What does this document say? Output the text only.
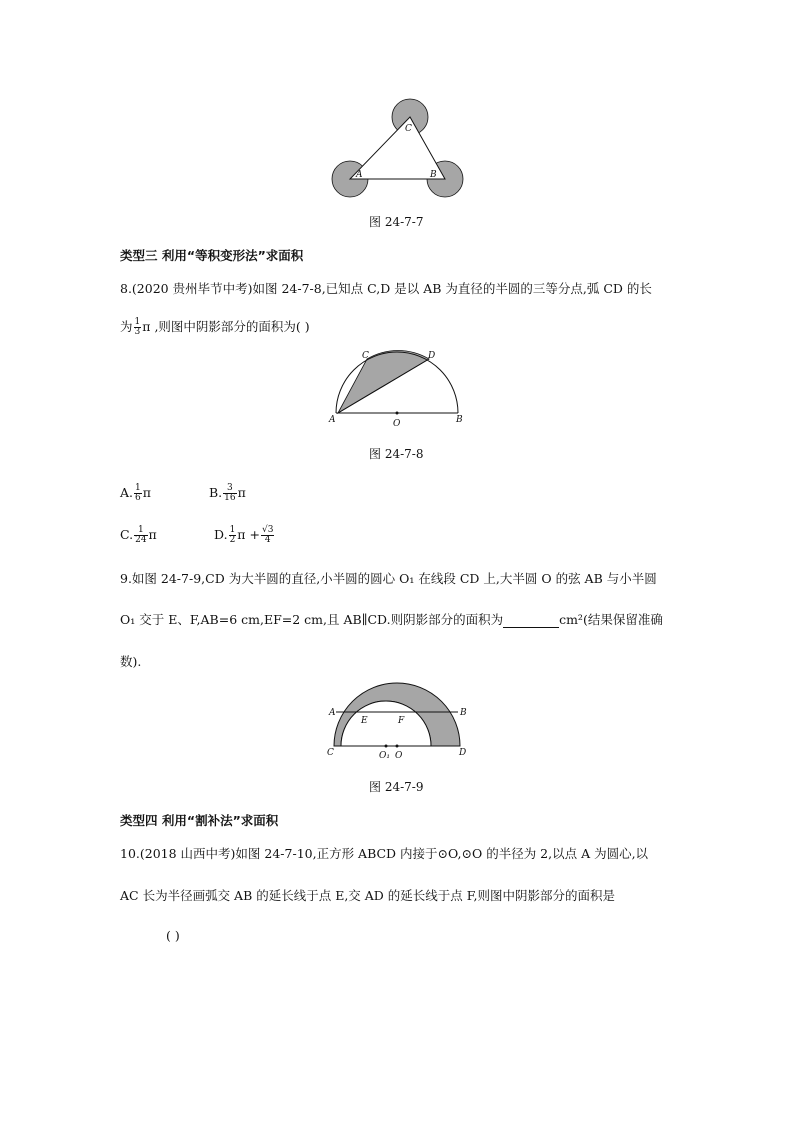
C
A	B
图 24-7-7
类型三 利用“等积变形法”求面积
8.(2020 贵州毕节中考)如图 24-7-8,已知点 C,D 是以 AB 为直径的半圆的三等分点,弧 CD 的长
为 $\frac{1}{3}$ π ,则图中阴影部分的面积为( )
A	B
C	D
O
图 24-7-8
A. $\frac{1}{6}$ π	B. $\frac{3}{16}$ π
C. $\frac{1}{24}$ π	D. $\frac{1}{2}$ $\pi + \frac{√3}{4}$
9.如图 24-7-9,CD 为大半圆的直径,小半圆的圆心 O₁ 在线段 CD 上,大半圆 O 的弦 AB 与小半圆
O₁ 交于 E、F,AB=6 cm,EF=2 cm,且 AB∥CD.则阴影部分的面积为	cm²(结果保留准确
数).
A	B
E	F
C	D
O₁ O
图 24-7-9
类型四 利用“割补法”求面积
10.(2018 山西中考)如图 24-7-10,正方形 ABCD 内接于⊙O,⊙O 的半径为 2,以点 A 为圆心,以
AC 长为半径画弧交 AB 的延长线于点 E,交 AD 的延长线于点 F,则图中阴影部分的面积是
( )
